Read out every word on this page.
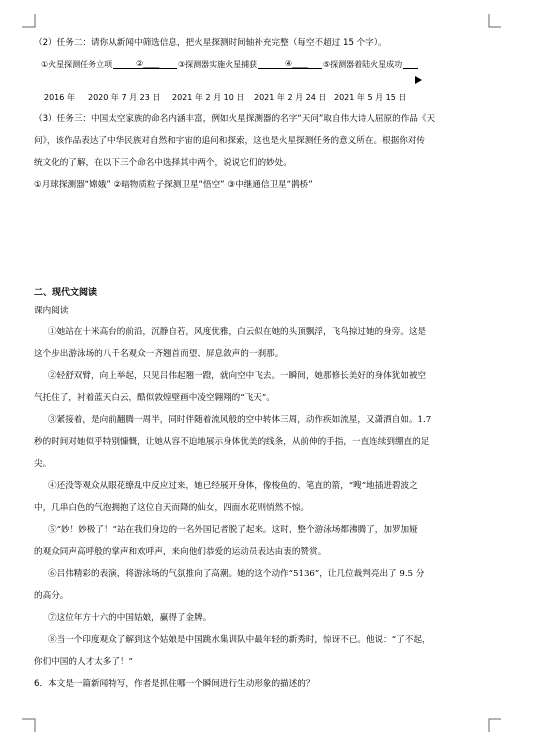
（2）任务二：请你从新闻中筛选信息，把火星探测时间轴补充完整（每空不超过 15 个字）。
①火星探测任务立项	②____ ③探测器实施火星捕获	④____ ⑤探测器着陆火星成功
2016 年 2020 年 7 月 23 日 2021 年 2 月 10 日 2021 年 2 月 24 日 2021 年 5 月 15 日
（3）任务三：中国太空家族的命名内涵丰富，例如火星探测器的名字“天问”取自伟大诗人屈原的作品《天
问》，该作品表达了中华民族对自然和宇宙的追问和探索，这也是火星探测任务的意义所在。根据你对传
统文化的了解，在以下三个命名中选择其中两个，说说它们的妙处。
①月球探测器“嫦娥” ②暗物质粒子探测卫星“悟空” ③中继通信卫星“鹊桥”
二、现代文阅读
课内阅读
①她站在十米高台的前沿，沉静自若，风度优雅，白云似在她的头顶飘浮，飞鸟掠过她的身旁。这是
这个步出游泳场的八千名观众一齐翘首而望、屏息敛声的一刹那。
②轻舒双臂，向上举起，只见吕伟起翘一蹬，就向空中飞去。一瞬间，她那修长美好的身体犹如被空
气托住了，衬着蓝天白云，酷似敦煌壁画中凌空翱翔的“飞天”。
③紧接着，是向前翻腾一周半，同时伴随着流风般的空中转体三周，动作疾如流星，又潇洒自如。1.7
秒的时间对她似乎特别慷慨，让她从容不迫地展示身体优美的线条，从前伸的手指，一直连续到绷直的足
尖。
④还没等观众从眼花缭乱中反应过来，她已经展开身体，像梭鱼的、笔直的箭，“嗖”地插进碧波之
中，几串白色的气泡拥抱了这位自天而降的仙女，四面水花则悄然不惊。
⑤“妙！妙极了！”站在我们身边的一名外国记者脱了起来。这时，整个游泳场都沸腾了，加罗加娅
的观众同声高呼般的掌声和欢呼声，来向他们恭爱的运动员表达由衷的赞赏。
⑥吕伟精彩的表演，将游泳场的气氛推向了高潮。她的这个动作“5136”，让几位裁判亮出了 9.5 分
的高分。
⑦这位年方十六的中国姑娘，赢得了金牌。
⑧当一个印度观众了解到这个姑娘是中国跳水集训队中最年轻的新秀时，惊讶不已。他说：“了不起，
你们中国的人才太多了！”
6．本文是一篇新闻特写，作者是抓住哪一个瞬间进行生动形象的描述的？
